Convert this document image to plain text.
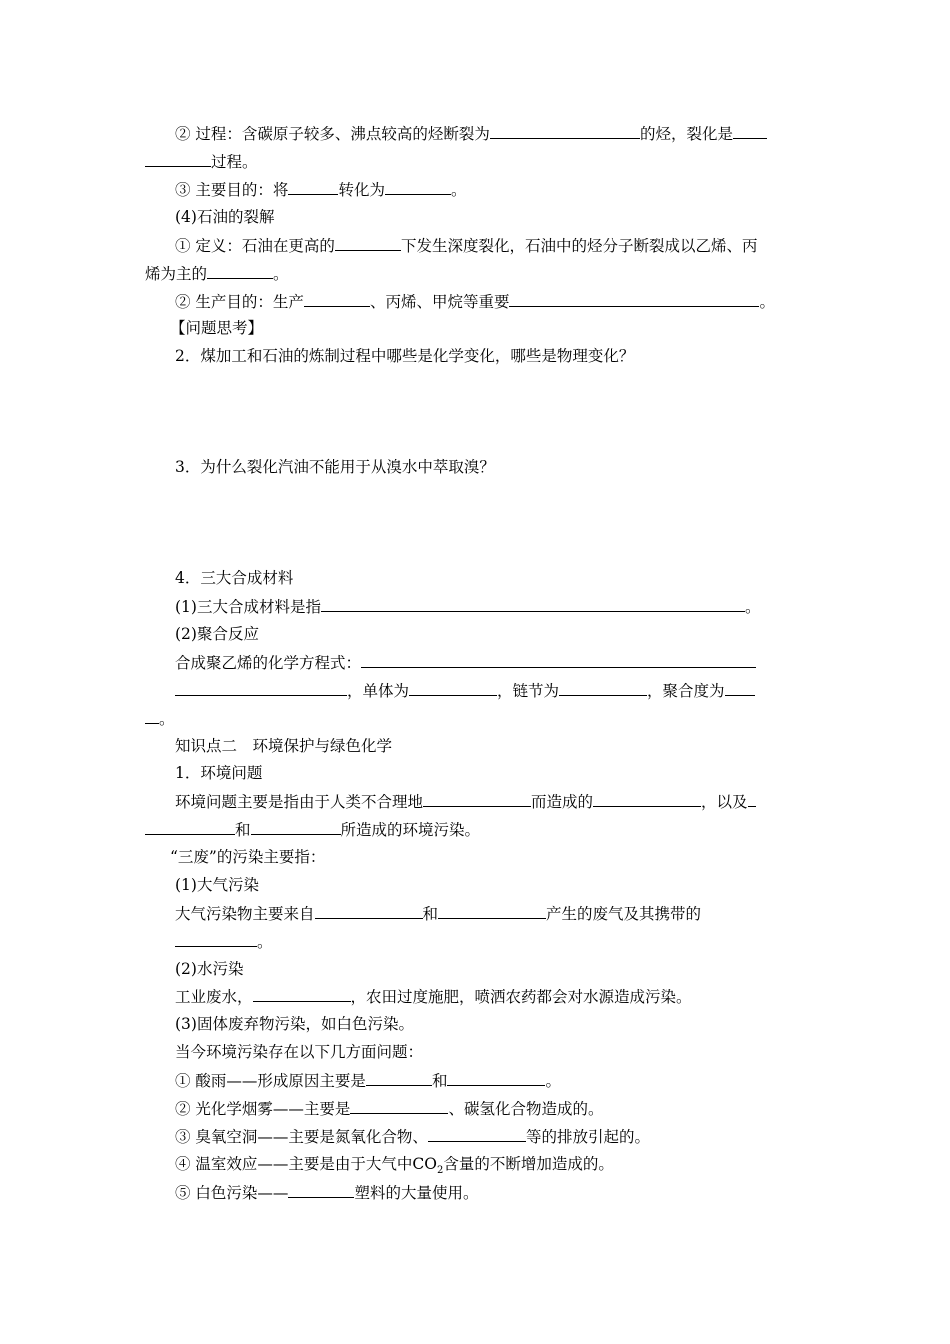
② 过程：含碳原子较多、沸点较高的烃断裂为	的烃，裂化是
过程。
③ 主要目的：将	转化为	。
(4)石油的裂解
① 定义：石油在更高的	下发生深度裂化，石油中的烃分子断裂成以乙烯、丙
烯为主的	。
② 生产目的：生产	、丙烯、甲烷等重要	。
【问题思考】
2．煤加工和石油的炼制过程中哪些是化学变化，哪些是物理变化？
3．为什么裂化汽油不能用于从溴水中萃取溴？
4．三大合成材料
(1)三大合成材料是指	。
(2)聚合反应
合成聚乙烯的化学方程式：
，单体为	，链节为	，聚合度为
。
知识点二　环境保护与绿色化学
1．环境问题
环境问题主要是指由于人类不合理地	而造成的	，以及
和	所造成的环境污染。
“三废”的污染主要指：
(1)大气污染
大气污染物主要来自	和	产生的废气及其携带的
。
(2)水污染
工业废水，	，农田过度施肥，喷洒农药都会对水源造成污染。
(3)固体废弃物污染，如白色污染。
当今环境污染存在以下几方面问题：
① 酸雨——形成原因主要是	和	。
② 光化学烟雾——主要是	、碳氢化合物造成的。
③ 臭氧空洞——主要是氮氧化合物、	等的排放引起的。
④ 温室效应——主要是由于大气中$CO_2$含量的不断增加造成的。
⑤ 白色污染——	塑料的大量使用。
